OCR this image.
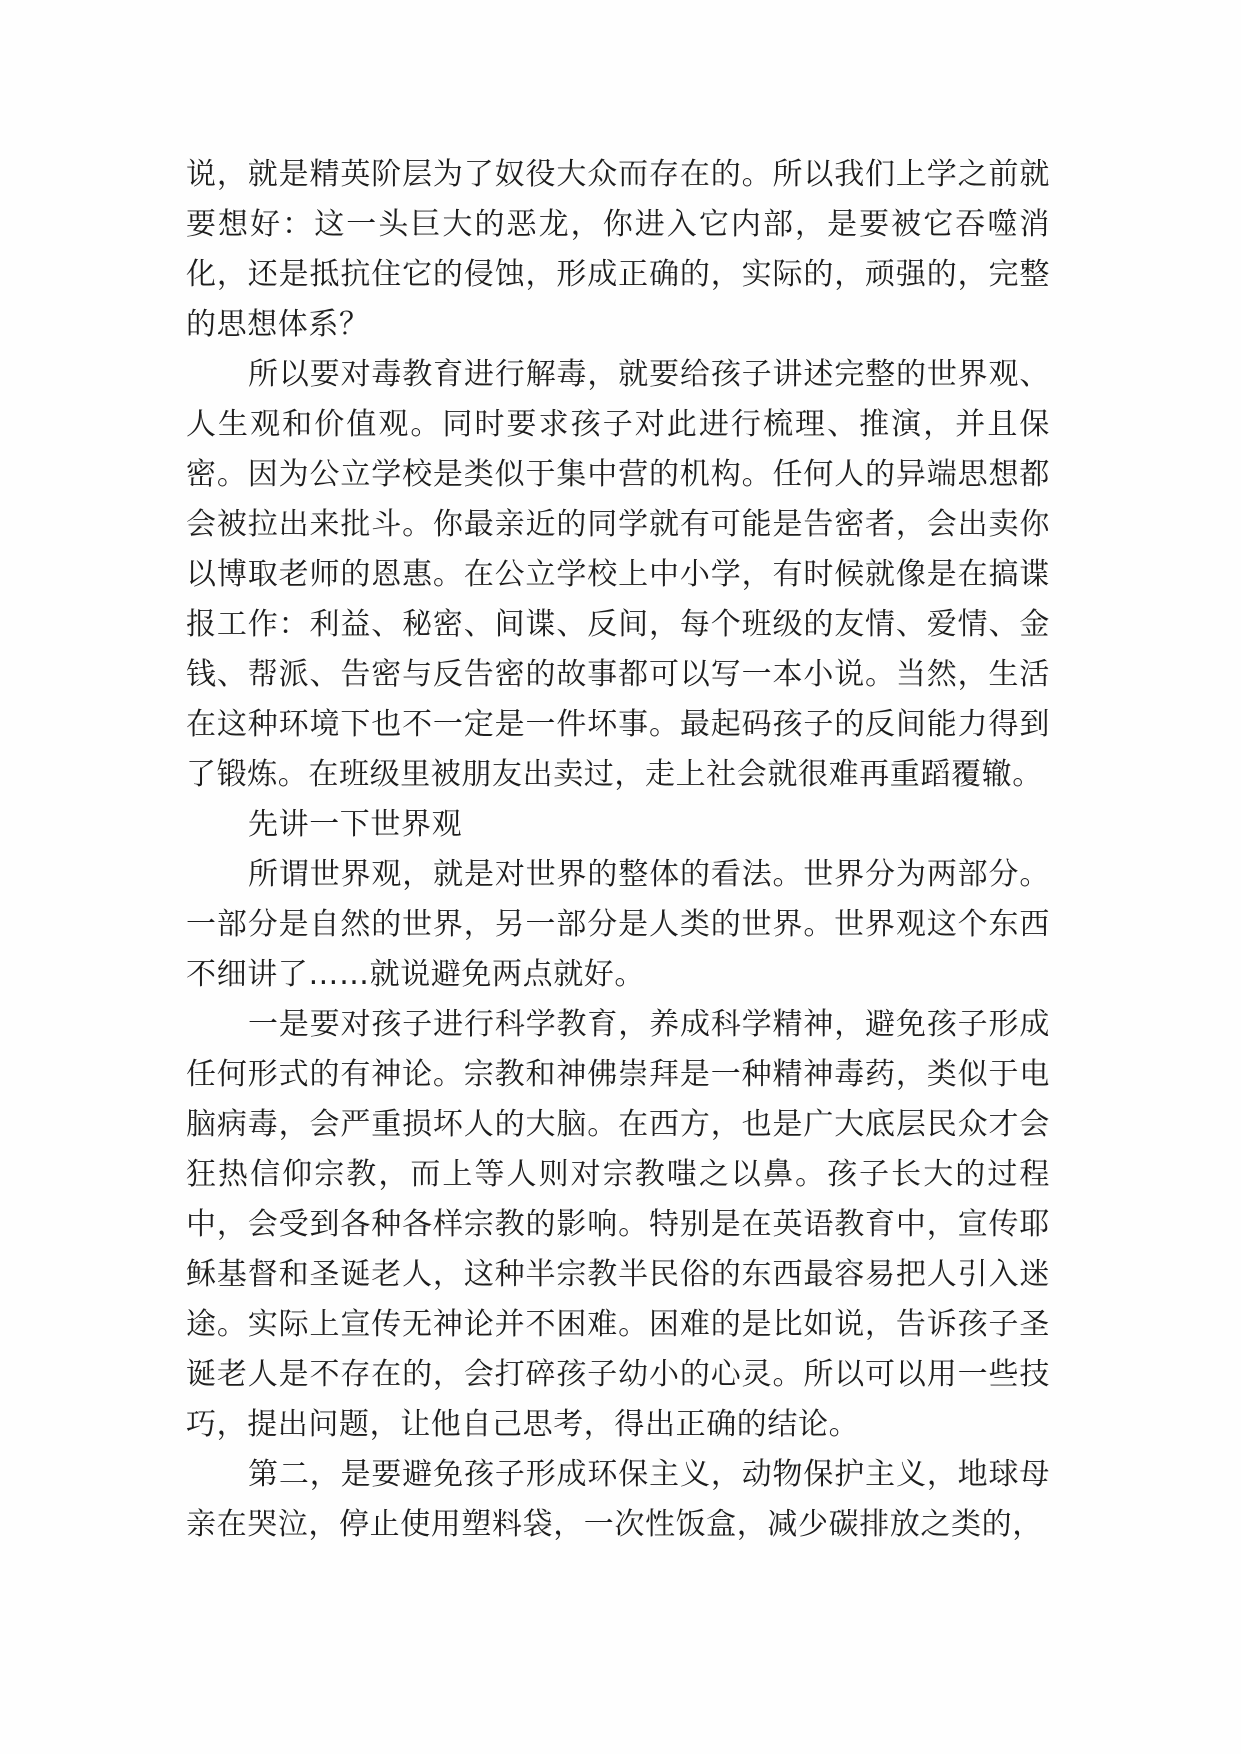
说，就是精英阶层为了奴役大众而存在的。所以我们上学之前就要想好：这一头巨大的恶龙，你进入它内部，是要被它吞噬消化，还是抵抗住它的侵蚀，形成正确的，实际的，顽强的，完整的思想体系？

所以要对毒教育进行解毒，就要给孩子讲述完整的世界观、人生观和价值观。同时要求孩子对此进行梳理、推演，并且保密。因为公立学校是类似于集中营的机构。任何人的异端思想都会被拉出来批斗。你最亲近的同学就有可能是告密者，会出卖你以博取老师的恩惠。在公立学校上中小学，有时候就像是在搞谍报工作：利益、秘密、间谍、反间，每个班级的友情、爱情、金钱、帮派、告密与反告密的故事都可以写一本小说。当然，生活在这种环境下也不一定是一件坏事。最起码孩子的反间能力得到了锻炼。在班级里被朋友出卖过，走上社会就很难再重蹈覆辙。

先讲一下世界观

所谓世界观，就是对世界的整体的看法。世界分为两部分。一部分是自然的世界，另一部分是人类的世界。世界观这个东西不细讲了……就说避免两点就好。

一是要对孩子进行科学教育，养成科学精神，避免孩子形成任何形式的有神论。宗教和神佛崇拜是一种精神毒药，类似于电脑病毒，会严重损坏人的大脑。在西方，也是广大底层民众才会狂热信仰宗教，而上等人则对宗教嗤之以鼻。孩子长大的过程中，会受到各种各样宗教的影响。特别是在英语教育中，宣传耶稣基督和圣诞老人，这种半宗教半民俗的东西最容易把人引入迷途。实际上宣传无神论并不困难。困难的是比如说，告诉孩子圣诞老人是不存在的，会打碎孩子幼小的心灵。所以可以用一些技巧，提出问题，让他自己思考，得出正确的结论。

第二，是要避免孩子形成环保主义，动物保护主义，地球母亲在哭泣，停止使用塑料袋，一次性饭盒，减少碳排放之类的，
